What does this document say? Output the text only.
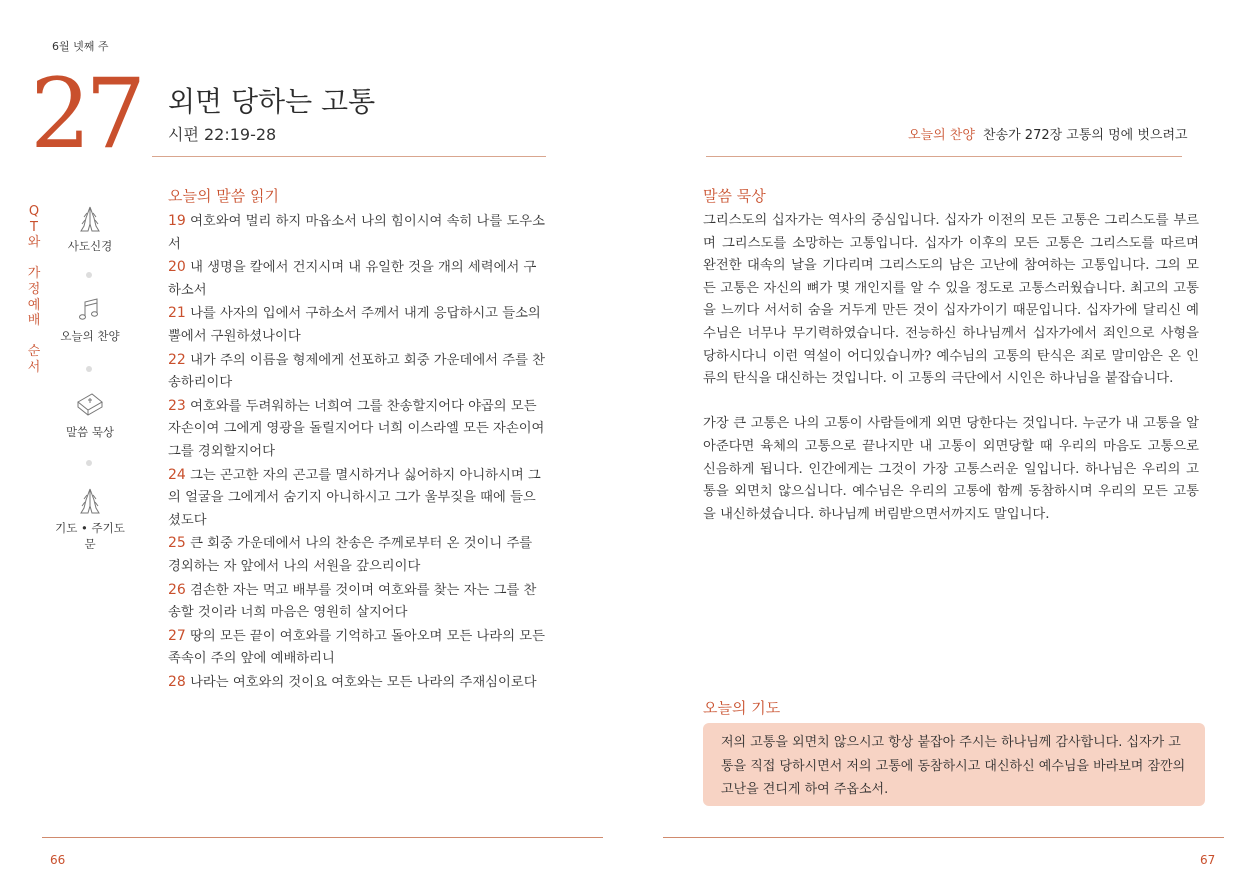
6월 넷째 주
27 외면 당하는 고통
시편 22:19-28
Q
T
와
가
정
예
배
순
서
사도신경
오늘의 찬양
말씀 묵상
기도 • 주기도문
오늘의 말씀 읽기
19 여호와여 멀리 하지 마옵소서 나의 힘이시여 속히 나를 도우소서
20 내 생명을 칼에서 건지시며 내 유일한 것을 개의 세력에서 구하소서
21 나를 사자의 입에서 구하소서 주께서 내게 응답하시고 들소의 뿔에서 구원하셨나이다
22 내가 주의 이름을 형제에게 선포하고 회중 가운데에서 주를 찬송하리이다
23 여호와를 두려워하는 너희여 그를 찬송할지어다 야곱의 모든 자손이여 그에게 영광을 돌릴지어다 너희 이스라엘 모든 자손이여 그를 경외할지어다
24 그는 곤고한 자의 곤고를 멸시하거나 싫어하지 아니하시며 그의 얼굴을 그에게서 숨기지 아니하시고 그가 울부짖을 때에 들으셨도다
25 큰 회중 가운데에서 나의 찬송은 주께로부터 온 것이니 주를 경외하는 자 앞에서 나의 서원을 갚으리이다
26 겸손한 자는 먹고 배부를 것이며 여호와를 찾는 자는 그를 찬송할 것이라 너희 마음은 영원히 살지어다
27 땅의 모든 끝이 여호와를 기억하고 돌아오며 모든 나라의 모든 족속이 주의 앞에 예배하리니
28 나라는 여호와의 것이요 여호와는 모든 나라의 주재심이로다
66
오늘의 찬양 찬송가 272장 고통의 멍에 벗으려고
말씀 묵상

그리스도의 십자가는 역사의 중심입니다. 십자가 이전의 모든 고통은 그리스도를 부르며 그리스도를 소망하는 고통입니다. 십자가 이후의 모든 고통은 그리스도를 따르며 완전한 대속의 날을 기다리며 그리스도의 남은 고난에 참여하는 고통입니다. 그의 모든 고통은 자신의 뼈가 몇 개인지를 알 수 있을 정도로 고통스러웠습니다. 최고의 고통을 느끼다 서서히 숨을 거두게 만든 것이 십자가이기 때문입니다. 십자가에 달리신 예수님은 너무나 무기력하였습니다. 전능하신 하나님께서 십자가에서 죄인으로 사형을 당하시다니 이런 역설이 어디있습니까? 예수님의 고통의 탄식은 죄로 말미암은 온 인류의 탄식을 대신하는 것입니다. 이 고통의 극단에서 시인은 하나님을 붙잡습니다.

가장 큰 고통은 나의 고통이 사람들에게 외면 당한다는 것입니다. 누군가 내 고통을 알아준다면 육체의 고통으로 끝나지만 내 고통이 외면당할 때 우리의 마음도 고통으로 신음하게 됩니다. 인간에게는 그것이 가장 고통스러운 일입니다. 하나님은 우리의 고통을 외면치 않으십니다. 예수님은 우리의 고통에 함께 동참하시며 우리의 모든 고통을 내신하셨습니다. 하나님께 버림받으면서까지도 말입니다.

오늘의 기도
저의 고통을 외면치 않으시고 항상 붙잡아 주시는 하나님께 감사합니다. 십자가 고통을 직접 당하시면서 저의 고통에 동참하시고 대신하신 예수님을 바라보며 잠깐의 고난을 견디게 하여 주옵소서.
67
